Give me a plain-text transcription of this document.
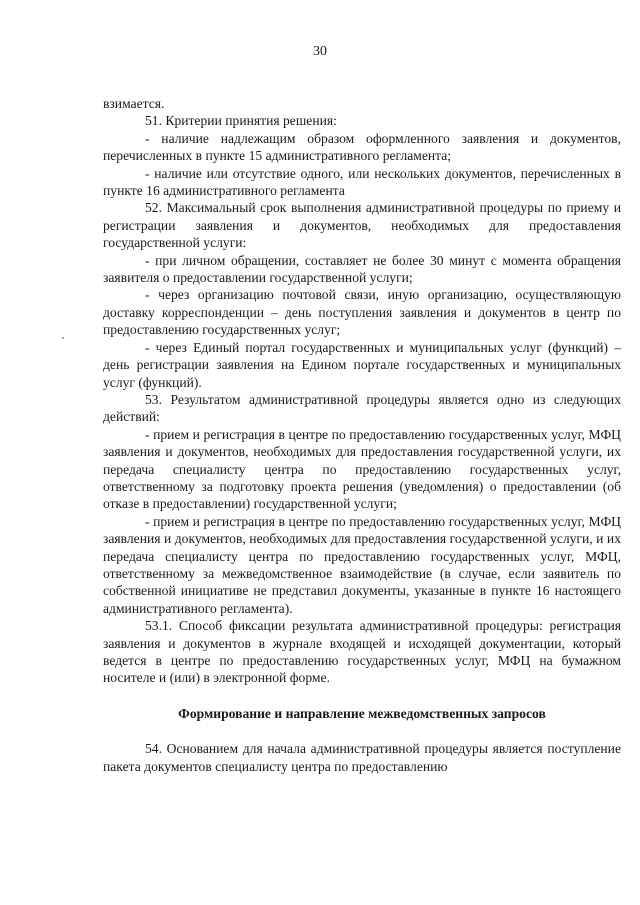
30

взимается.

51. Критерии принятия решения:

- наличие надлежащим образом оформленного заявления и документов, перечисленных в пункте 15 административного регламента;

- наличие или отсутствие одного, или нескольких документов, перечисленных в пункте 16 административного регламента

52. Максимальный срок выполнения административной процедуры по приему и регистрации заявления и документов, необходимых для предоставления государственной услуги:

- при личном обращении, составляет не более 30 минут с момента обращения заявителя о предоставлении государственной услуги;

- через организацию почтовой связи, иную организацию, осуществляющую доставку корреспонденции – день поступления заявления и документов в центр по предоставлению государственных услуг;

- через Единый портал государственных и муниципальных услуг (функций) – день регистрации заявления на Едином портале государственных и муниципальных услуг (функций).

53. Результатом административной процедуры является одно из следующих действий:

- прием и регистрация в центре по предоставлению государственных услуг, МФЦ заявления и документов, необходимых для предоставления государственной услуги, их передача специалисту центра по предоставлению государственных услуг, ответственному за подготовку проекта решения (уведомления) о предоставлении (об отказе в предоставлении) государственной услуги;

- прием и регистрация в центре по предоставлению государственных услуг, МФЦ заявления и документов, необходимых для предоставления государственной услуги, и их передача специалисту центра по предоставлению государственных услуг, МФЦ, ответственному за межведомственное взаимодействие (в случае, если заявитель по собственной инициативе не представил документы, указанные в пункте 16 настоящего административного регламента).

53.1. Способ фиксации результата административной процедуры: регистрация заявления и документов в журнале входящей и исходящей документации, который ведется в центре по предоставлению государственных услуг, МФЦ на бумажном носителе и (или) в электронной форме.

Формирование и направление межведомственных запросов

54. Основанием для начала административной процедуры является поступление пакета документов специалисту центра по предоставлению
